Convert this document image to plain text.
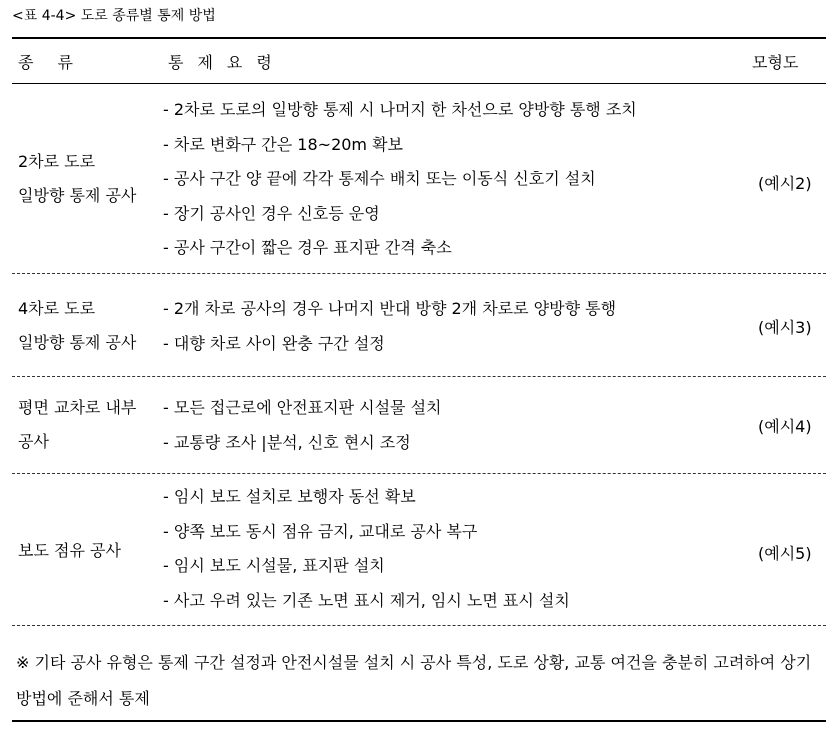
<표 4-4> 도로 종류별 통제 방법
종류	통제요령	모형도
2차로 도로
일방향 통제 공사
- 2차로 도로의 일방향 통제 시 나머지 한 차선으로 양방향 통행 조치
- 차로 변화구 간은 18~20m 확보
- 공사 구간 양 끝에 각각 통제수 배치 또는 이동식 신호기 설치
- 장기 공사인 경우 신호등 운영
- 공사 구간이 짧은 경우 표지판 간격 축소
(예시2)
4차로 도로
일방향 통제 공사
- 2개 차로 공사의 경우 나머지 반대 방향 2개 차로로 양방향 통행
- 대향 차로 사이 완충 구간 설정
(예시3)
평면 교차로 내부
공사
- 모든 접근로에 안전표지판 시설물 설치
- 교통량 조사 |분석, 신호 현시 조정
(예시4)
보도 점유 공사
- 임시 보도 설치로 보행자 동선 확보
- 양쪽 보도 동시 점유 금지, 교대로 공사 복구
- 임시 보도 시설물, 표지판 설치
- 사고 우려 있는 기존 노면 표시 제거, 임시 노면 표시 설치
(예시5)
※ 기타 공사 유형은 통제 구간 설정과 안전시설물 설치 시 공사 특성, 도로 상황, 교통 여건을 충분히 고려하여 상기 방법에 준해서 통제
